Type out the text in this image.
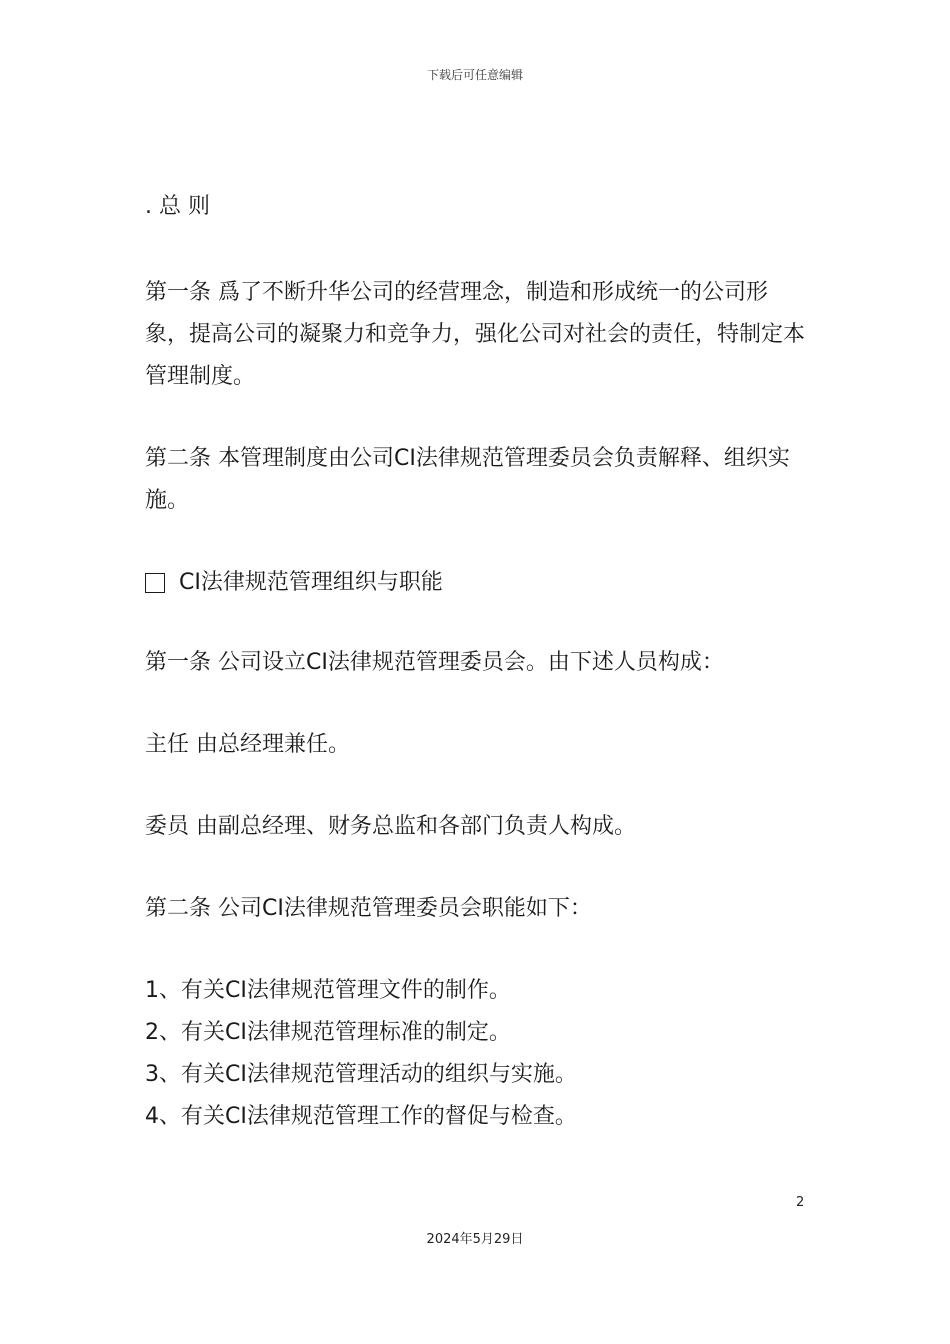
下载后可任意编辑
. 总 则

第一条 爲了不断升华公司的经营理念，制造和形成统一的公司形象，提高公司的凝聚力和竞争力，强化公司对社会的责任，特制定本管理制度。

第二条 本管理制度由公司CI法律规范管理委员会负责解释、组织实施。

CI法律规范管理组织与职能

第一条 公司设立CI法律规范管理委员会。由下述人员构成：

主任 由总经理兼任。

委员 由副总经理、财务总监和各部门负责人构成。

第二条 公司CI法律规范管理委员会职能如下：

1、有关CI法律规范管理文件的制作。
2、有关CI法律规范管理标准的制定。
3、有关CI法律规范管理活动的组织与实施。
4、有关CI法律规范管理工作的督促与检查。
2
2024年5月29日
